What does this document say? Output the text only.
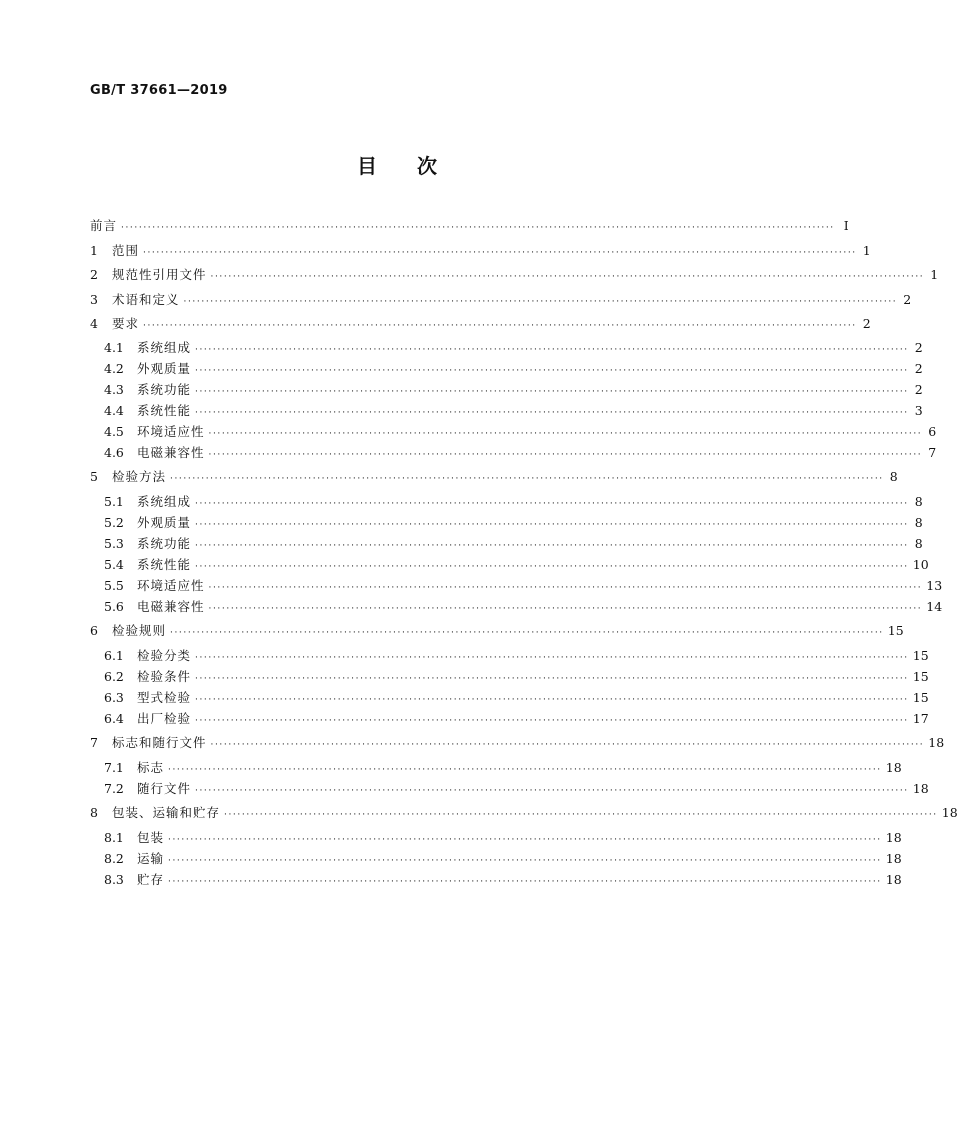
GB/T 37661—2019
目 次
前言 ································································································································································ Ⅰ
1	范围 ································································································································································ 1
2	规范性引用文件 ································································································································································ 1
3	术语和定义 ································································································································································ 2
4	要求 ································································································································································ 2
4.1	系统组成 ································································································································································ 2
4.2	外观质量 ································································································································································ 2
4.3	系统功能 ································································································································································ 2
4.4	系统性能 ································································································································································ 3
4.5	环境适应性 ································································································································································ 6
4.6	电磁兼容性 ································································································································································ 7
5	检验方法 ································································································································································ 8
5.1	系统组成 ································································································································································ 8
5.2	外观质量 ································································································································································ 8
5.3	系统功能 ································································································································································ 8
5.4	系统性能 ································································································································································ 10
5.5	环境适应性 ································································································································································ 13
5.6	电磁兼容性 ································································································································································ 14
6	检验规则 ································································································································································ 15
6.1	检验分类 ································································································································································ 15
6.2	检验条件 ································································································································································ 15
6.3	型式检验 ································································································································································ 15
6.4	出厂检验 ································································································································································ 17
7	标志和随行文件 ································································································································································ 18
7.1	标志 ································································································································································ 18
7.2	随行文件 ································································································································································ 18
8	包装、运输和贮存 ································································································································································ 18
8.1	包装 ································································································································································ 18
8.2	运输 ································································································································································ 18
8.3	贮存 ································································································································································ 18
